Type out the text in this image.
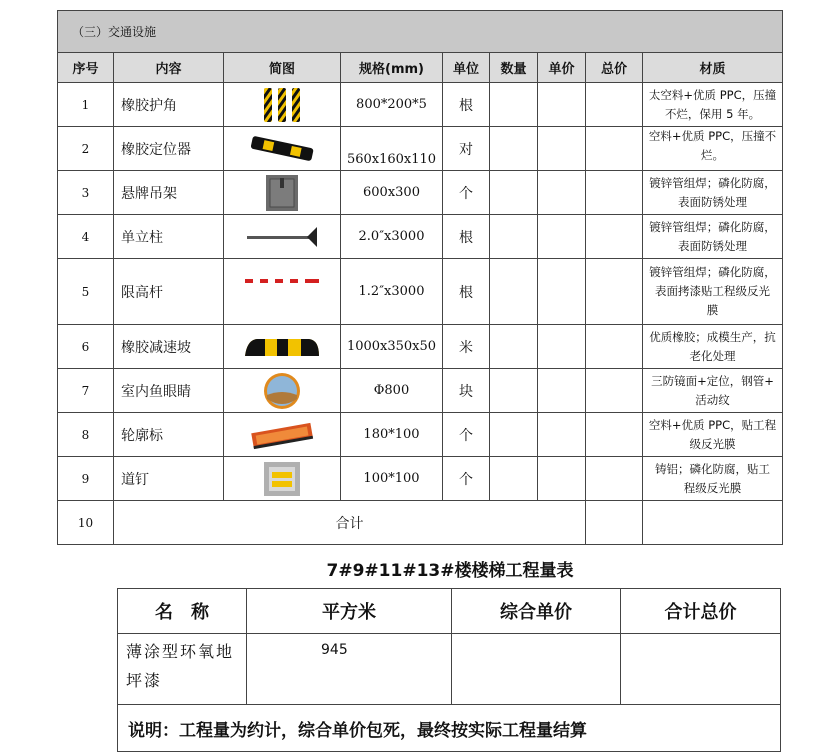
（三）交通设施								
序号	内容	简图	规格(mm)	单位	数量	单价	总价	材质
1	橡胶护角		800*200*5	根				太空料+优质 PPC，压撞
不烂，保用 5 年。

2	橡胶定位器		560x160x110	对				空料+优质 PPC，压撞不
烂。

3	悬牌吊架		600x300	个				镀锌管组焊；磷化防腐，
表面防锈处理

4	单立柱		2.0″x3000	根				镀锌管组焊；磷化防腐，
表面防锈处理

5	限高杆		1.2″x3000	根				镀锌管组焊；磷化防腐，
表面拷漆贴工程级反光
膜

6	橡胶减速坡		1000x350x50	米				优质橡胶；成模生产，抗
老化处理

7	室内鱼眼睛		Φ800	块				三防镜面+定位，钢管+
活动纹

8	轮廓标		180*100	个				空料+优质 PPC，贴工程
级反光膜

9	道钉		100*100	个				铸铝；磷化防腐，贴工
程级反光膜

10	合计							
7#9#11#13#楼楼梯工程量表
名　称	平方米	综合单价	合计总价
薄涂型环氧地坪漆	945		
说明：工程量为约计，综合单价包死，最终按实际工程量结算			
